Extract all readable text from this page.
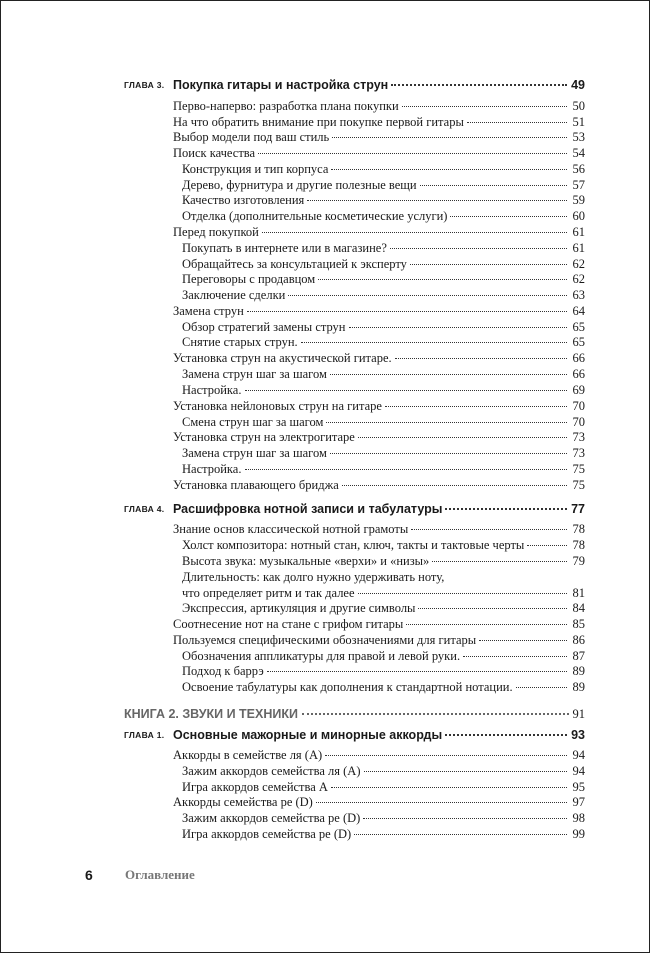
ГЛАВА 3. Покупка гитары и настройка струн	49
Перво-наперво: разработка плана покупки	50
На что обратить внимание при покупке первой гитары	51
Выбор модели под ваш стиль	53
Поиск качества	54
Конструкция и тип корпуса	56
Дерево, фурнитура и другие полезные вещи	57
Качество изготовления	59
Отделка (дополнительные косметические услуги)	60
Перед покупкой	61
Покупать в интернете или в магазине?	61
Обращайтесь за консультацией к эксперту	62
Переговоры с продавцом	62
Заключение сделки	63
Замена струн	64
Обзор стратегий замены струн	65
Снятие старых струн.	65
Установка струн на акустической гитаре.	66
Замена струн шаг за шагом	66
Настройка.	69
Установка нейлоновых струн на гитаре	70
Смена струн шаг за шагом	70
Установка струн на электрогитаре	73
Замена струн шаг за шагом	73
Настройка.	75
Установка плавающего бриджа	75
ГЛАВА 4. Расшифровка нотной записи и табулатуры	77
Знание основ классической нотной грамоты	78
Холст композитора: нотный стан, ключ, такты и тактовые черты	78
Высота звука: музыкальные «верхи» и «низы»	79
Длительность: как долго нужно удерживать ноту,
что определяет ритм и так далее	81
Экспрессия, артикуляция и другие символы	84
Соотнесение нот на стане с грифом гитары	85
Пользуемся специфическими обозначениями для гитары	86
Обозначения аппликатуры для правой и левой руки.	87
Подход к баррэ	89
Освоение табулатуры как дополнения к стандартной нотации.	89
КНИГА 2. ЗВУКИ И ТЕХНИКИ	91
ГЛАВА 1. Основные мажорные и минорные аккорды	93
Аккорды в семействе ля (A)	94
Зажим аккордов семейства ля (A)	94
Игра аккордов семейства A	95
Аккорды семейства ре (D)	97
Зажим аккордов семейства ре (D)	98
Игра аккордов семейства ре (D)	99
6 Оглавление
